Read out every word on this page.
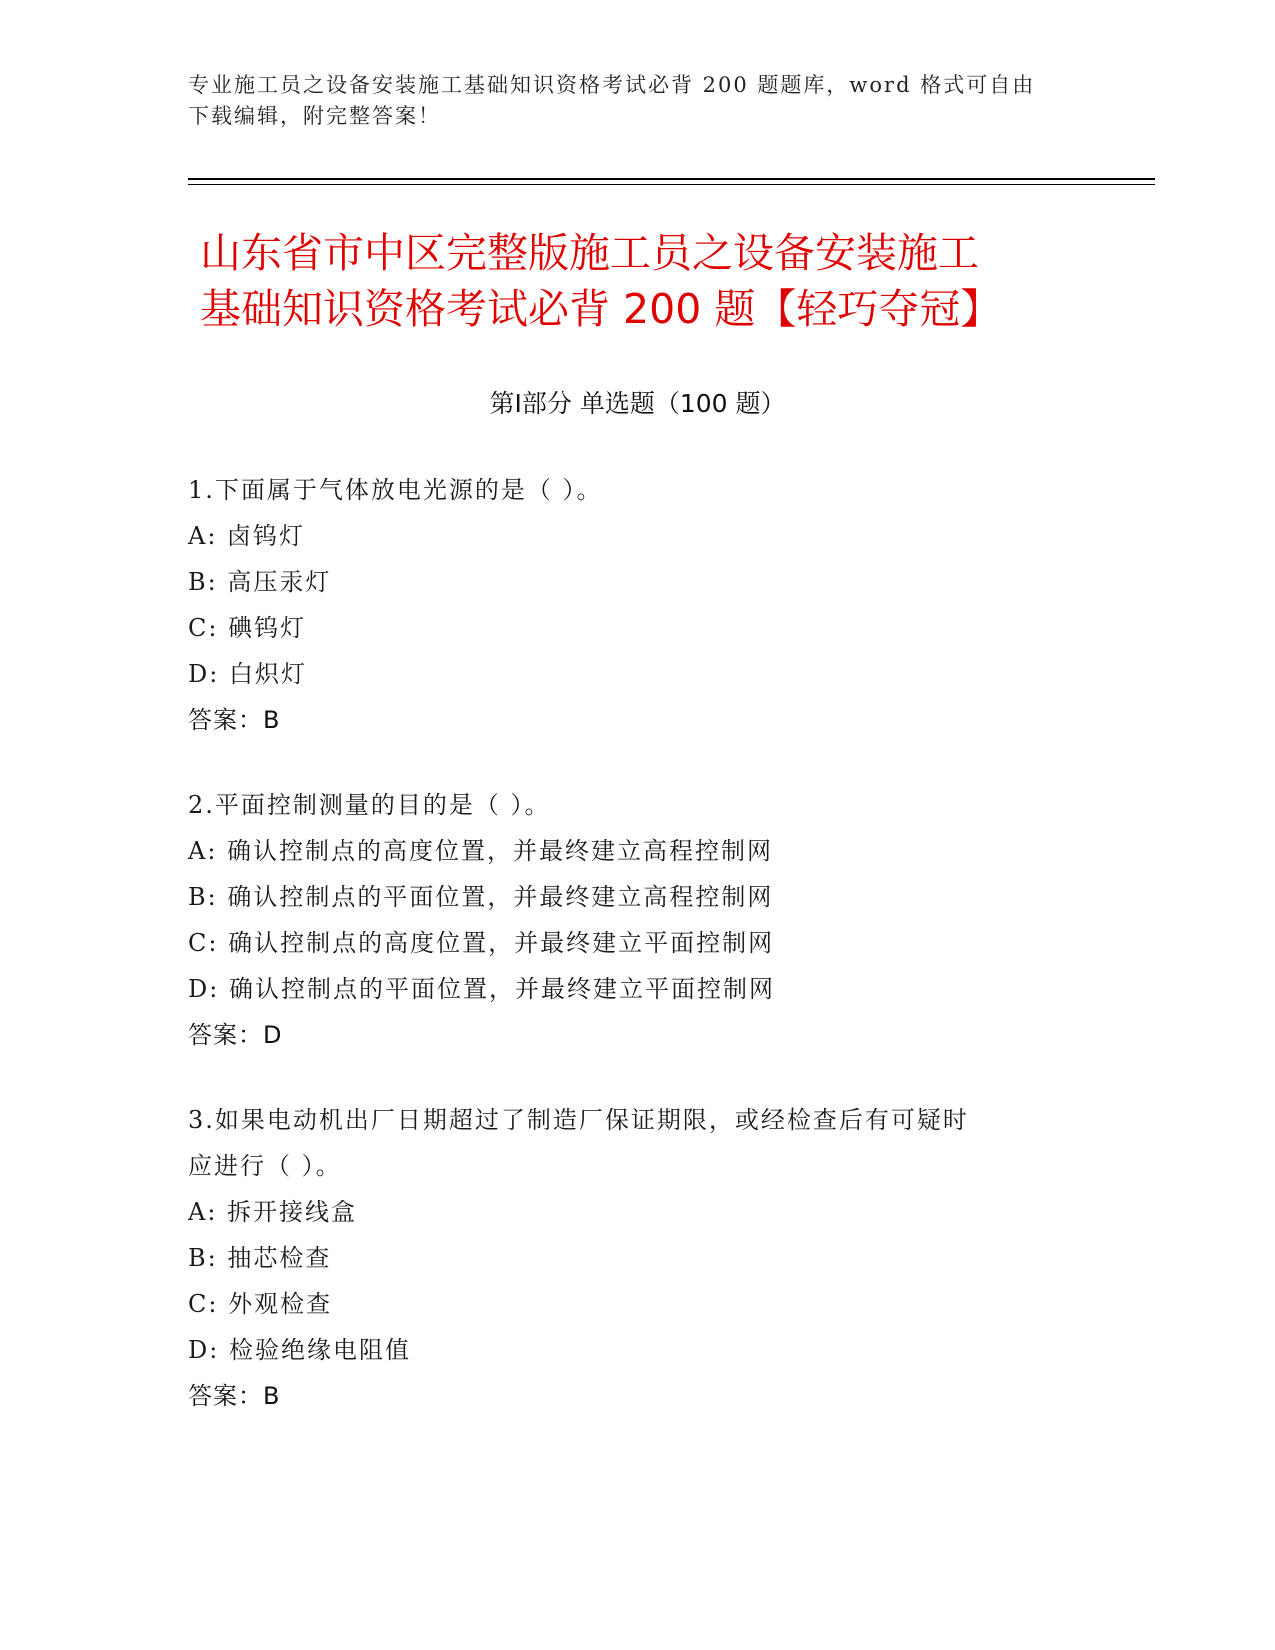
专业施工员之设备安装施工基础知识资格考试必背 200 题题库，word 格式可自由
下载编辑，附完整答案！
山东省市中区完整版施工员之设备安装施工
基础知识资格考试必背 200 题【轻巧夺冠】
第Ⅰ部分 单选题（100 题）
1.下面属于气体放电光源的是（ ）。
A: 卤钨灯
B: 高压汞灯
C: 碘钨灯
D: 白炽灯
答案：B
2.平面控制测量的目的是（ ）。
A: 确认控制点的高度位置，并最终建立高程控制网
B: 确认控制点的平面位置，并最终建立高程控制网
C: 确认控制点的高度位置，并最终建立平面控制网
D: 确认控制点的平面位置，并最终建立平面控制网
答案：D
3.如果电动机出厂日期超过了制造厂保证期限，或经检查后有可疑时
应进行（ ）。
A: 拆开接线盒
B: 抽芯检查
C: 外观检查
D: 检验绝缘电阻值
答案：B
